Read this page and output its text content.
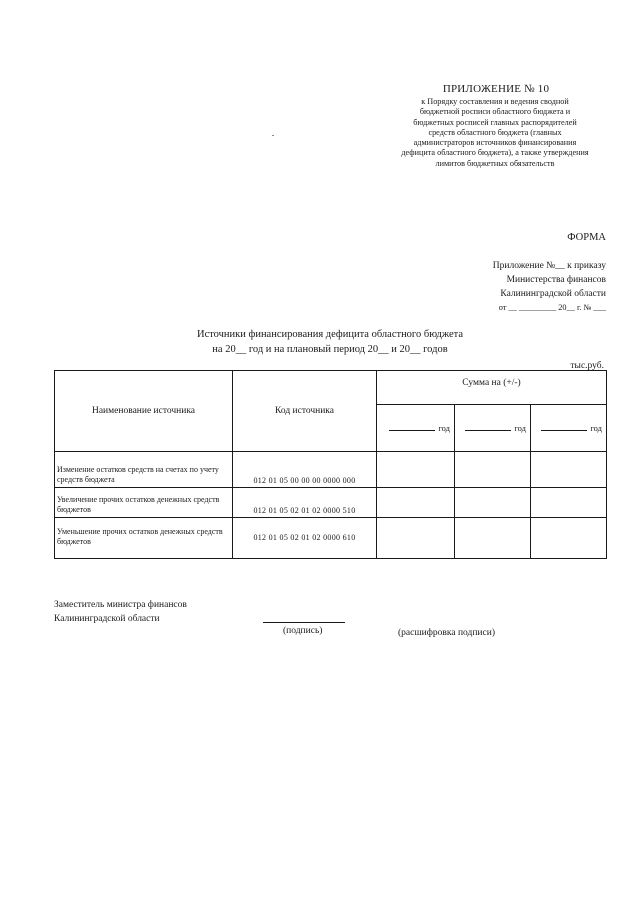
ПРИЛОЖЕНИЕ № 10
к Порядку составления и ведения сводной
бюджетной росписи областного бюджета и
бюджетных росписей главных распорядителей
средств областного бюджета (главных
администраторов источников финансирования
дефицита областного бюджета), а также утверждения
лимитов бюджетных обязательств
ФОРМА
Приложение №__ к приказу
Министерства финансов
Калининградской области
от __ _________ 20__ г. № ___
Источники финансирования дефицита областного бюджета
на 20__ год и на плановый период 20__ и 20__ годов
тыс.руб.
Наименование источника	Код источника	Сумма на (+/-)		
		год	год	год
Изменение остатков средств на счетах по учету средств бюджета	012 01 05 00 00 00 0000 000			
Увеличение прочих остатков денежных средств бюджетов	012 01 05 02 01 02 0000 510			
Уменьшение прочих остатков денежных средств бюджетов	012 01 05 02 01 02 0000 610			
Заместитель министра финансов
Калининградской области
(подпись)	(расшифровка подписи)
